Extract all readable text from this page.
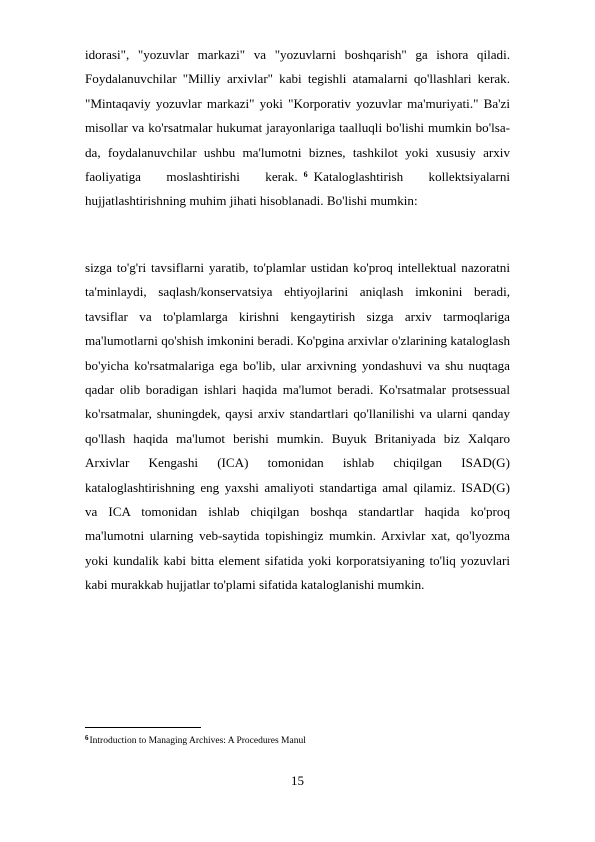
idorasi", "yozuvlar markazi" va "yozuvlarni boshqarish" ga ishora qiladi. Foydalanuvchilar "Milliy arxivlar" kabi tegishli atamalarni qo'llashlari kerak. "Mintaqaviy yozuvlar markazi" yoki "Korporativ yozuvlar ma'muriyati." Ba'zi misollar va ko'rsatmalar hukumat jarayonlariga taalluqli bo'lishi mumkin bo'lsa-da, foydalanuvchilar ushbu ma'lumotni biznes, tashkilot yoki xususiy arxiv faoliyatiga moslashtirishi kerak. $^6$ Kataloglashtirish kollektsiyalarni hujjatlashtirishning muhim jihati hisoblanadi. Bo'lishi mumkin:
sizga to'g'ri tavsiflarni yaratib, to'plamlar ustidan ko'proq intellektual nazoratni ta'minlaydi, saqlash/konservatsiya ehtiyojlarini aniqlash imkonini beradi, tavsiflar va to'plamlarga kirishni kengaytirish sizga arxiv tarmoqlariga ma'lumotlarni qo'shish imkonini beradi. Ko'pgina arxivlar o'zlarining kataloglash bo'yicha ko'rsatmalariga ega bo'lib, ular arxivning yondashuvi va shu nuqtaga qadar olib boradigan ishlari haqida ma'lumot beradi. Ko'rsatmalar protsessual ko'rsatmalar, shuningdek, qaysi arxiv standartlari qo'llanilishi va ularni qanday qo'llash haqida ma'lumot berishi mumkin. Buyuk Britaniyada biz Xalqaro Arxivlar Kengashi (ICA) tomonidan ishlab chiqilgan ISAD(G) kataloglashtirishning eng yaxshi amaliyoti standartiga amal qilamiz. ISAD(G) va ICA tomonidan ishlab chiqilgan boshqa standartlar haqida ko'proq ma'lumotni ularning veb-saytida topishingiz mumkin. Arxivlar xat, qo'lyozma yoki kundalik kabi bitta element sifatida yoki korporatsiyaning to'liq yozuvlari kabi murakkab hujjatlar to'plami sifatida kataloglanishi mumkin.
$^6$Introduction to Managing Archives: A Procedures Manul
15
